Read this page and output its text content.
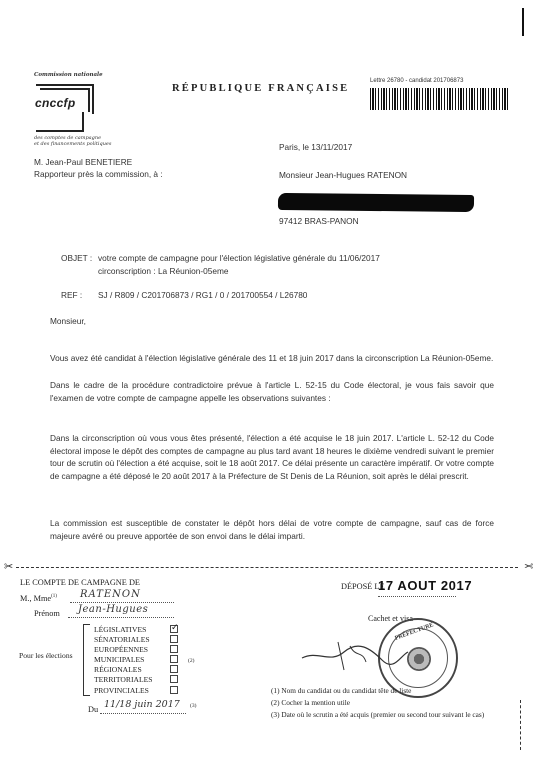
Commission nationale
cnccfp
des comptes de campagne
et des financements politiques
RÉPUBLIQUE FRANÇAISE
Lettre 26780 - candidat 201706873
Paris, le 13/11/2017
M. Jean-Paul BENETIERE
Rapporteur près la commission, à :	Monsieur Jean-Hugues RATENON
97412 BRAS-PANON
OBJET : votre compte de campagne pour l'élection législative générale du 11/06/2017
circonscription : La Réunion-05eme
REF : SJ / R809 / C201706873 / RG1 / 0 / 201700554 / L26780
Monsieur,
Vous avez été candidat à l'élection législative générale des 11 et 18 juin 2017 dans la circonscription La Réunion-05eme.
Dans le cadre de la procédure contradictoire prévue à l'article L. 52-15 du Code électoral, je vous fais savoir que l'examen de votre compte de campagne appelle les observations suivantes :
Dans la circonscription où vous vous êtes présenté, l'élection a été acquise le 18 juin 2017. L'article L. 52-12 du Code électoral impose le dépôt des comptes de campagne au plus tard avant 18 heures le dixième vendredi suivant le premier tour de scrutin où l'élection a été acquise, soit le 18 août 2017. Ce délai présente un caractère impératif. Or votre compte de campagne a été déposé le 20 août 2017 à la Préfecture de St Denis de La Réunion, soit après le délai prescrit.
La commission est susceptible de constater le dépôt hors délai de votre compte de campagne, sauf cas de force majeure avéré ou preuve apportée de son envoi dans le délai imparti.
✂	✂
LE COMPTE DE CAMPAGNE DE	DÉPOSÉ LE
17 AOUT 2017
M., Mme$^{(1)}$ RATENON
Prénom Jean-Hugues
Cachet et visa
Pour les élections
LÉGISLATIVES
✓
SÉNATORIALES
EUROPÉENNES
MUNICIPALES
RÉGIONALES
TERRITORIALES
PROVINCIALES
(2)
Du 11/18 juin 2017 (3)
PRÉFECTURE
(1) Nom du candidat ou du candidat tête de liste
(2) Cocher la mention utile
(3) Date où le scrutin a été acquis (premier ou second tour suivant le cas)
